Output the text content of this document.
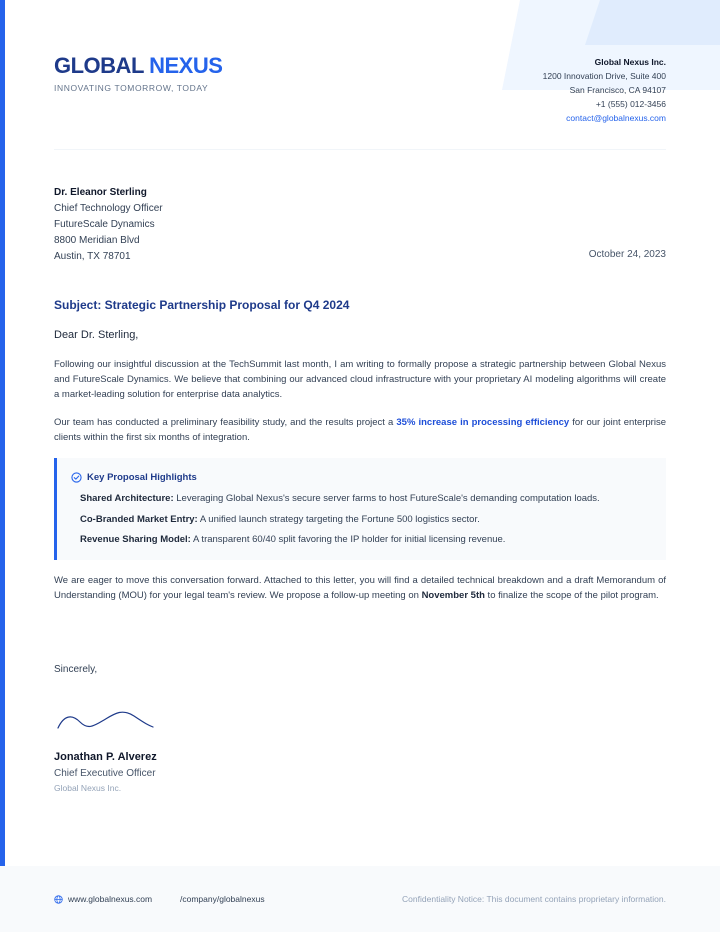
GLOBAL NEXUS
INNOVATING TOMORROW, TODAY
Global Nexus Inc.
1200 Innovation Drive, Suite 400
San Francisco, CA 94107
+1 (555) 012-3456
contact@globalnexus.com
Dr. Eleanor Sterling
Chief Technology Officer
FutureScale Dynamics
8800 Meridian Blvd
Austin, TX 78701	October 24, 2023
Subject: Strategic Partnership Proposal for Q4 2024
Dear Dr. Sterling,

Following our insightful discussion at the TechSummit last month, I am writing to formally propose a strategic partnership between Global Nexus and FutureScale Dynamics. We believe that combining our advanced cloud infrastructure with your proprietary AI modeling algorithms will create a market-leading solution for enterprise data analytics.

Our team has conducted a preliminary feasibility study, and the results project a 35% increase in processing efficiency for our joint enterprise clients within the first six months of integration.

Key Proposal Highlights
Shared Architecture: Leveraging Global Nexus's secure server farms to host FutureScale's demanding computation loads.
Co-Branded Market Entry: A unified launch strategy targeting the Fortune 500 logistics sector.
Revenue Sharing Model: A transparent 60/40 split favoring the IP holder for initial licensing revenue.

We are eager to move this conversation forward. Attached to this letter, you will find a detailed technical breakdown and a draft Memorandum of Understanding (MOU) for your legal team's review. We propose a follow-up meeting on November 5th to finalize the scope of the pilot program.

Sincerely,
Jonathan P. Alverez
Chief Executive Officer
Global Nexus Inc.
www.globalnexus.com	/company/globalnexus	Confidentiality Notice: This document contains proprietary information.
